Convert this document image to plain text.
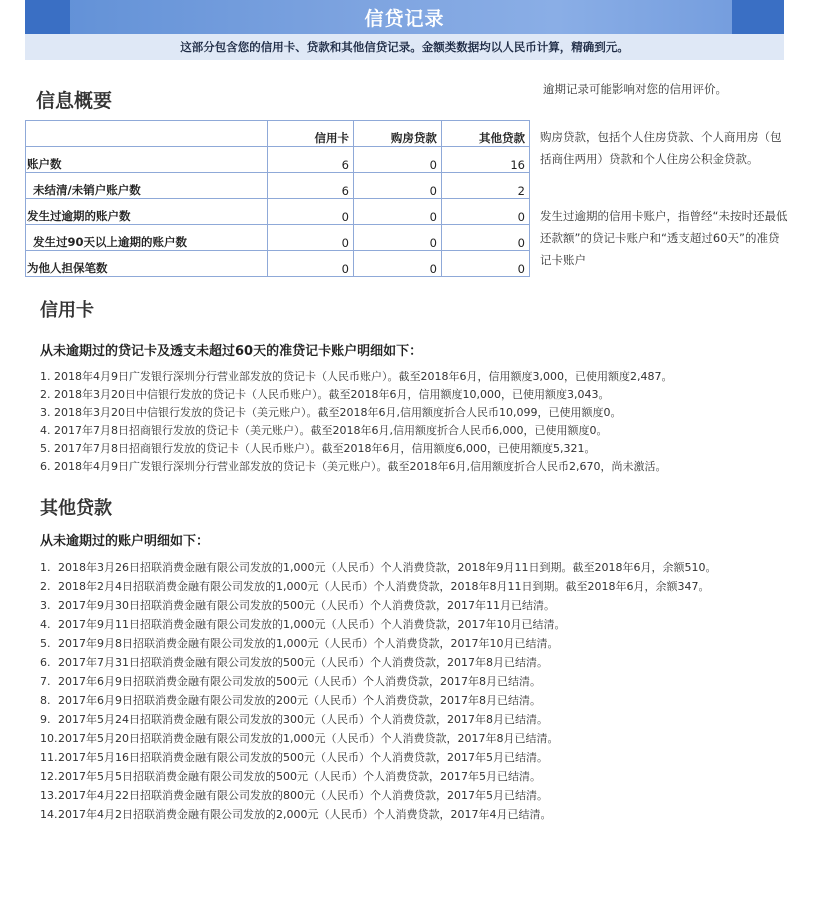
信贷记录
这部分包含您的信用卡、贷款和其他信贷记录。金额类数据均以人民币计算，精确到元。
信息概要
逾期记录可能影响对您的信用评价。
购房贷款，包括个人住房贷款、个人商用房（包括商住两用）贷款和个人住房公积金贷款。
发生过逾期的信用卡账户，指曾经“未按时还最低还款额”的贷记卡账户和“透支超过60天”的准贷记卡账户
	信用卡	购房贷款	其他贷款
账户数	6	0	16
未结清/未销户账户数	6	0	2
发生过逾期的账户数	0	0	0
发生过90天以上逾期的账户数	0	0	0
为他人担保笔数	0	0	0
信用卡
从未逾期过的贷记卡及透支未超过60天的准贷记卡账户明细如下：
1. 2018年4月9日广发银行深圳分行营业部发放的贷记卡（人民币账户）。截至2018年6月，信用额度3,000，已使用额度2,487。
2. 2018年3月20日中信银行发放的贷记卡（人民币账户）。截至2018年6月，信用额度10,000，已使用额度3,043。
3. 2018年3月20日中信银行发放的贷记卡（美元账户）。截至2018年6月,信用额度折合人民币10,099，已使用额度0。
4. 2017年7月8日招商银行发放的贷记卡（美元账户）。截至2018年6月,信用额度折合人民币6,000，已使用额度0。
5. 2017年7月8日招商银行发放的贷记卡（人民币账户）。截至2018年6月，信用额度6,000，已使用额度5,321。
6. 2018年4月9日广发银行深圳分行营业部发放的贷记卡（美元账户）。截至2018年6月,信用额度折合人民币2,670，尚未激活。
其他贷款
从未逾期过的账户明细如下：
1. 2018年3月26日招联消费金融有限公司发放的1,000元（人民币）个人消费贷款，2018年9月11日到期。截至2018年6月，余额510。
2. 2018年2月4日招联消费金融有限公司发放的1,000元（人民币）个人消费贷款，2018年8月11日到期。截至2018年6月，余额347。
3. 2017年9月30日招联消费金融有限公司发放的500元（人民币）个人消费贷款，2017年11月已结清。
4. 2017年9月11日招联消费金融有限公司发放的1,000元（人民币）个人消费贷款，2017年10月已结清。
5. 2017年9月8日招联消费金融有限公司发放的1,000元（人民币）个人消费贷款，2017年10月已结清。
6. 2017年7月31日招联消费金融有限公司发放的500元（人民币）个人消费贷款，2017年8月已结清。
7. 2017年6月9日招联消费金融有限公司发放的500元（人民币）个人消费贷款，2017年8月已结清。
8. 2017年6月9日招联消费金融有限公司发放的200元（人民币）个人消费贷款，2017年8月已结清。
9. 2017年5月24日招联消费金融有限公司发放的300元（人民币）个人消费贷款，2017年8月已结清。
10. 2017年5月20日招联消费金融有限公司发放的1,000元（人民币）个人消费贷款，2017年8月已结清。
11. 2017年5月16日招联消费金融有限公司发放的500元（人民币）个人消费贷款，2017年5月已结清。
12. 2017年5月5日招联消费金融有限公司发放的500元（人民币）个人消费贷款，2017年5月已结清。
13. 2017年4月22日招联消费金融有限公司发放的800元（人民币）个人消费贷款，2017年5月已结清。
14. 2017年4月2日招联消费金融有限公司发放的2,000元（人民币）个人消费贷款，2017年4月已结清。
